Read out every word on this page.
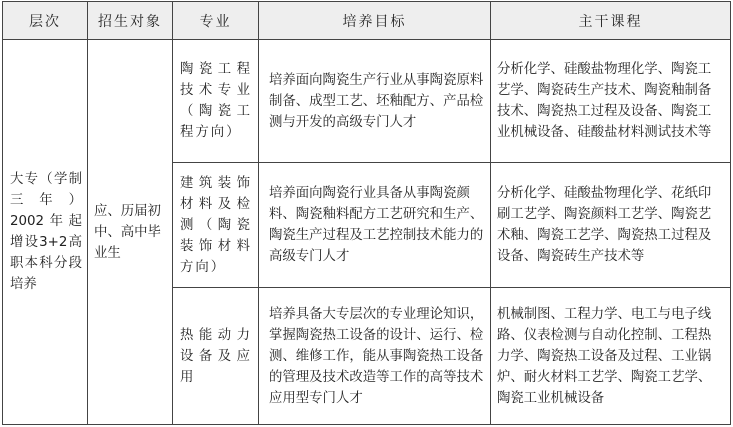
层次	招生对象	专业	培养目标	主干课程

大专（学制三年）2002年起增设3+2高职本科分段培养	应、历届初中、高中毕业生	陶瓷工程技术专业（陶瓷工程方向）	培养面向陶瓷生产行业从事陶瓷原料制备、成型工艺、坯釉配方、产品检测与开发的高级专门人才	分析化学、硅酸盐物理化学、陶瓷工艺学、陶瓷砖生产技术、陶瓷釉制备技术、陶瓷热工过程及设备、陶瓷工业机械设备、硅酸盐材料测试技术等

		建筑装饰材料及检测（陶瓷装饰材料方向）	培养面向陶瓷行业具备从事陶瓷颜料、陶瓷釉料配方工艺研究和生产、陶瓷生产过程及工艺控制技术能力的高级专门人才	分析化学、硅酸盐物理化学、花纸印刷工艺学、陶瓷颜料工艺学、陶瓷艺术釉、陶瓷工艺学、陶瓷热工过程及设备、陶瓷砖生产技术等

		热能动力设备及应用	培养具备大专层次的专业理论知识，掌握陶瓷热工设备的设计、运行、检测、维修工作，能从事陶瓷热工设备的管理及技术改造等工作的高等技术应用型专门人才	机械制图、工程力学、电工与电子线路、仪表检测与自动化控制、工程热力学、陶瓷热工设备及过程、工业锅炉、耐火材料工艺学、陶瓷工艺学、陶瓷工业机械设备
